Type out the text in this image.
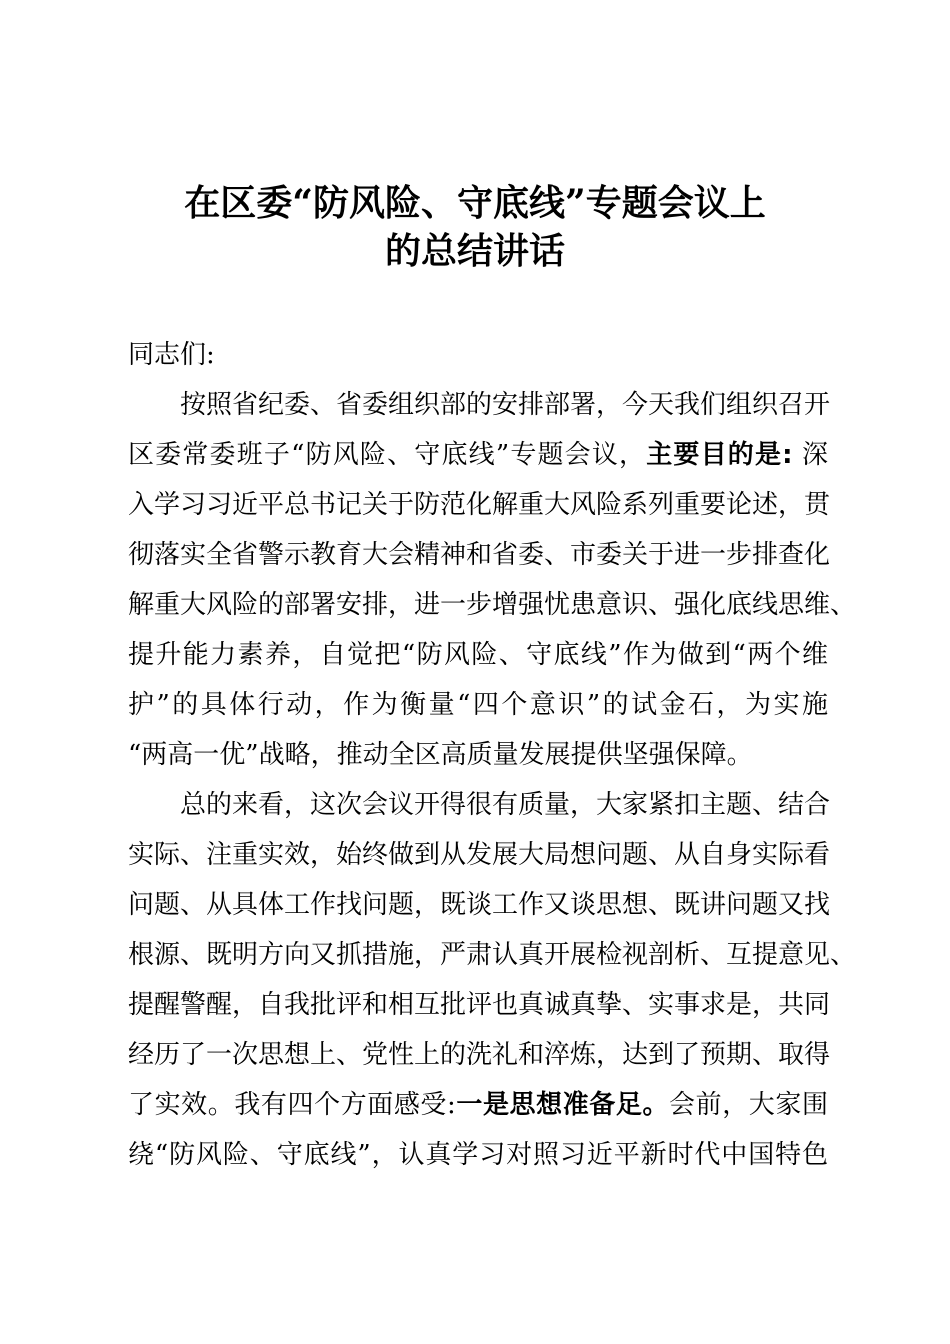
在区委“防风险、守底线”专题会议上
的总结讲话
同志们:
按照省纪委、省委组织部的安排部署，今天我们组织召开
区委常委班子“防风险、守底线”专题会议，主要目的是: 深
入学习习近平总书记关于防范化解重大风险系列重要论述，贯
彻落实全省警示教育大会精神和省委、市委关于进一步排查化
解重大风险的部署安排，进一步增强忧患意识、强化底线思维、
提升能力素养，自觉把“防风险、守底线”作为做到“两个维
护”的具体行动，作为衡量“四个意识”的试金石，为实施
“两高一优”战略，推动全区高质量发展提供坚强保障。
总的来看，这次会议开得很有质量，大家紧扣主题、结合
实际、注重实效，始终做到从发展大局想问题、从自身实际看
问题、从具体工作找问题，既谈工作又谈思想、既讲问题又找
根源、既明方向又抓措施，严肃认真开展检视剖析、互提意见、
提醒警醒，自我批评和相互批评也真诚真挚、实事求是，共同
经历了一次思想上、党性上的洗礼和淬炼，达到了预期、取得
了实效。我有四个方面感受:一是思想准备足。会前，大家围
绕“防风险、守底线”，认真学习对照习近平新时代中国特色
